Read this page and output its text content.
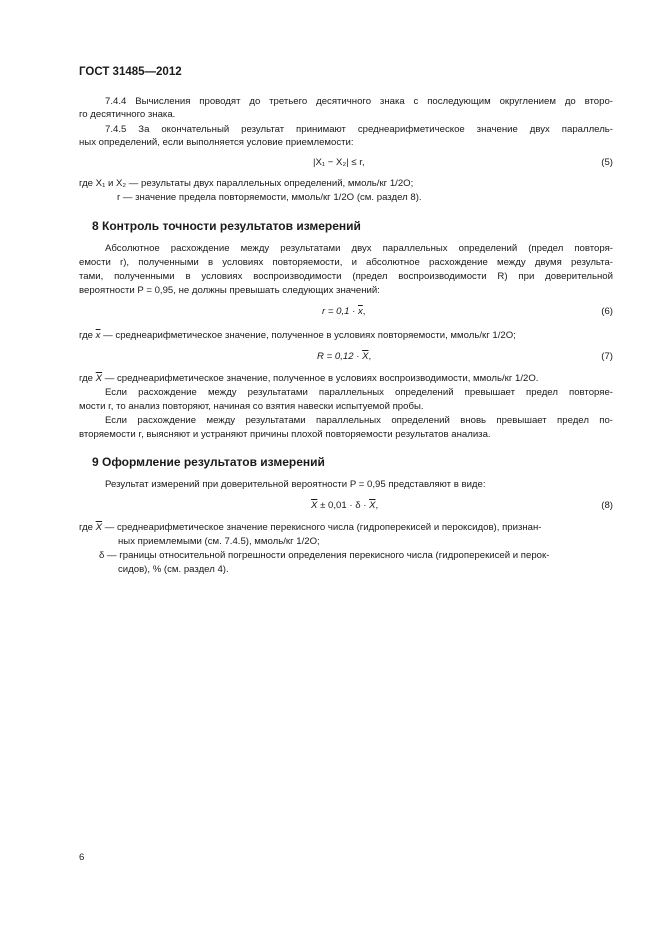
ГОСТ 31485—2012
7.4.4 Вычисления проводят до третьего десятичного знака с последующим округлением до второ-
го десятичного знака.
7.4.5 За окончательный результат принимают среднеарифметическое значение двух параллель-
ных определений, если выполняется условие приемлемости:
|X₁ − X₂| ≤ r,	(5)
где X₁ и X₂ — результаты двух параллельных определений, ммоль/кг 1/2O;
r — значение предела повторяемости, ммоль/кг 1/2O (см. раздел 8).
8 Контроль точности результатов измерений
Абсолютное расхождение между результатами двух параллельных определений (предел повторя-
емости r), полученными в условиях повторяемости, и абсолютное расхождение между двумя результа-
тами, полученными в условиях воспроизводимости (предел воспроизводимости R) при доверительной
вероятности P = 0,95, не должны превышать следующих значений:
$r = 0,1 \cdot \overline{x}$,	(6)
где $\overline{x}$ — среднеарифметическое значение, полученное в условиях повторяемости, ммоль/кг 1/2O;
$R = 0,12 \cdot \overline{X}$,	(7)
где $\overline{X}$ — среднеарифметическое значение, полученное в условиях воспроизводимости, ммоль/кг 1/2O.
Если расхождение между результатами параллельных определений превышает предел повторяе-
мости r, то анализ повторяют, начиная со взятия навески испытуемой пробы.
Если расхождение между результатами параллельных определений вновь превышает предел по-
вторяемости r, выясняют и устраняют причины плохой повторяемости результатов анализа.
9 Оформление результатов измерений
Результат измерений при доверительной вероятности P = 0,95 представляют в виде:
$\overline{X} \pm 0,01 \cdot \delta \cdot \overline{X}$,	(8)
где $\overline{X}$ — среднеарифметическое значение перекисного числа (гидроперекисей и пероксидов), признан-
ных приемлемыми (см. 7.4.5), ммоль/кг 1/2O;
δ — границы относительной погрешности определения перекисного числа (гидроперекисей и перок-
сидов), % (см. раздел 4).
6
